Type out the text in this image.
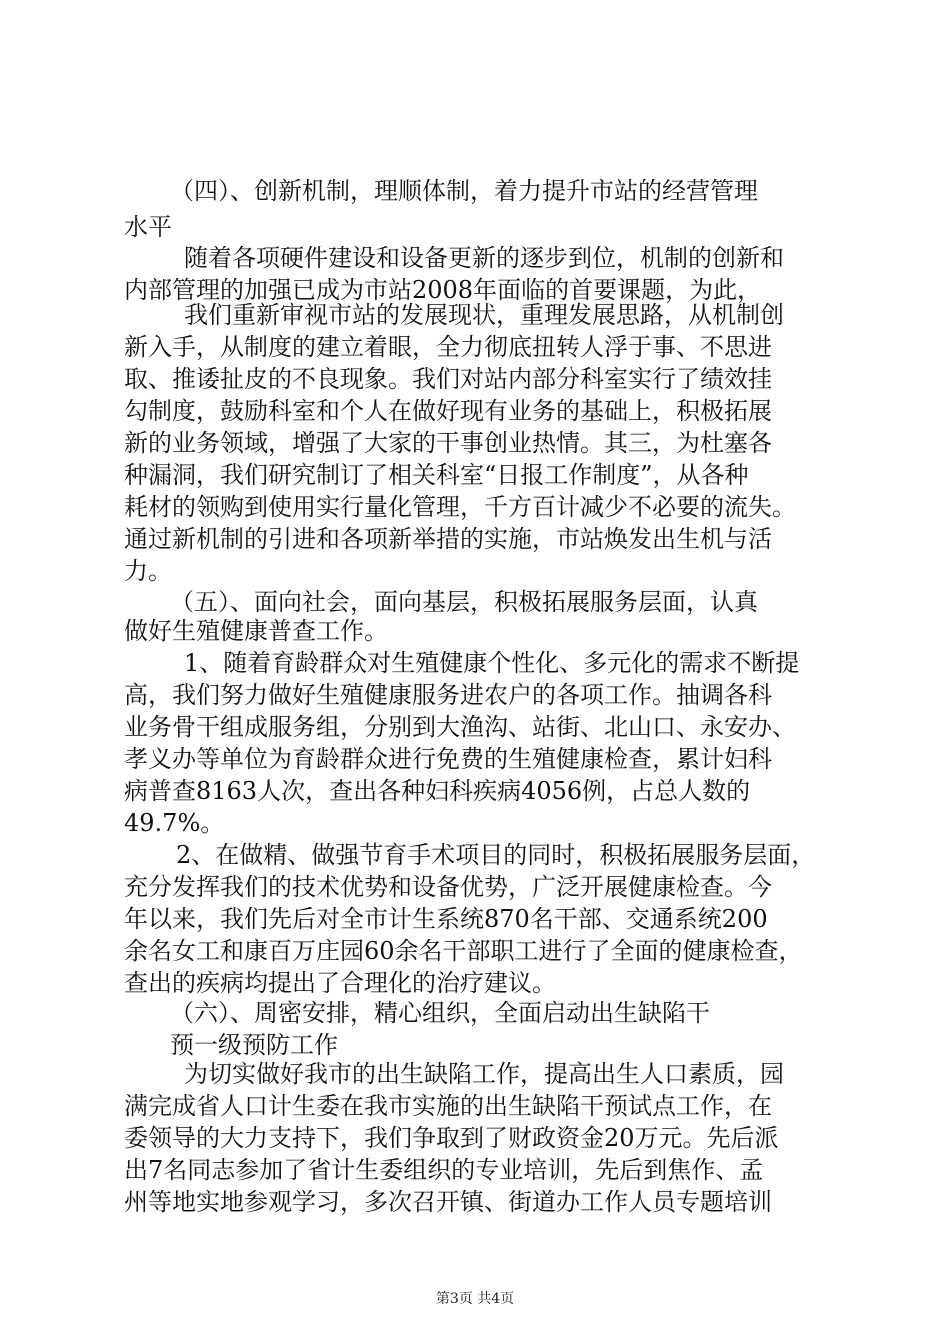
（四）、创新机制，理顺体制，着力提升市站的经营管理
水平
随着各项硬件建设和设备更新的逐步到位，机制的创新和
内部管理的加强已成为市站2008年面临的首要课题，为此，
我们重新审视市站的发展现状，重理发展思路，从机制创
新入手，从制度的建立着眼，全力彻底扭转人浮于事、不思进
取、推诿扯皮的不良现象。我们对站内部分科室实行了绩效挂
勾制度，鼓励科室和个人在做好现有业务的基础上，积极拓展
新的业务领域，增强了大家的干事创业热情。其三，为杜塞各
种漏洞，我们研究制订了相关科室“日报工作制度”，从各种
耗材的领购到使用实行量化管理，千方百计减少不必要的流失。
通过新机制的引进和各项新举措的实施，市站焕发出生机与活
力。
（五）、面向社会，面向基层，积极拓展服务层面，认真
做好生殖健康普查工作。
1、随着育龄群众对生殖健康个性化、多元化的需求不断提
高，我们努力做好生殖健康服务进农户的各项工作。抽调各科
业务骨干组成服务组，分别到大渔沟、站街、北山口、永安办、
孝义办等单位为育龄群众进行免费的生殖健康检查，累计妇科
病普查8163人次，查出各种妇科疾病4056例，占总人数的
49.7%。
2、在做精、做强节育手术项目的同时，积极拓展服务层面，
充分发挥我们的技术优势和设备优势，广泛开展健康检查。今
年以来，我们先后对全市计生系统870名干部、交通系统200
余名女工和康百万庄园60余名干部职工进行了全面的健康检查，
查出的疾病均提出了合理化的治疗建议。
（六）、周密安排，精心组织，全面启动出生缺陷干
预一级预防工作
为切实做好我市的出生缺陷工作，提高出生人口素质，园
满完成省人口计生委在我市实施的出生缺陷干预试点工作，在
委领导的大力支持下，我们争取到了财政资金20万元。先后派
出7名同志参加了省计生委组织的专业培训，先后到焦作、孟
州等地实地参观学习，多次召开镇、街道办工作人员专题培训
第3页 共4页
